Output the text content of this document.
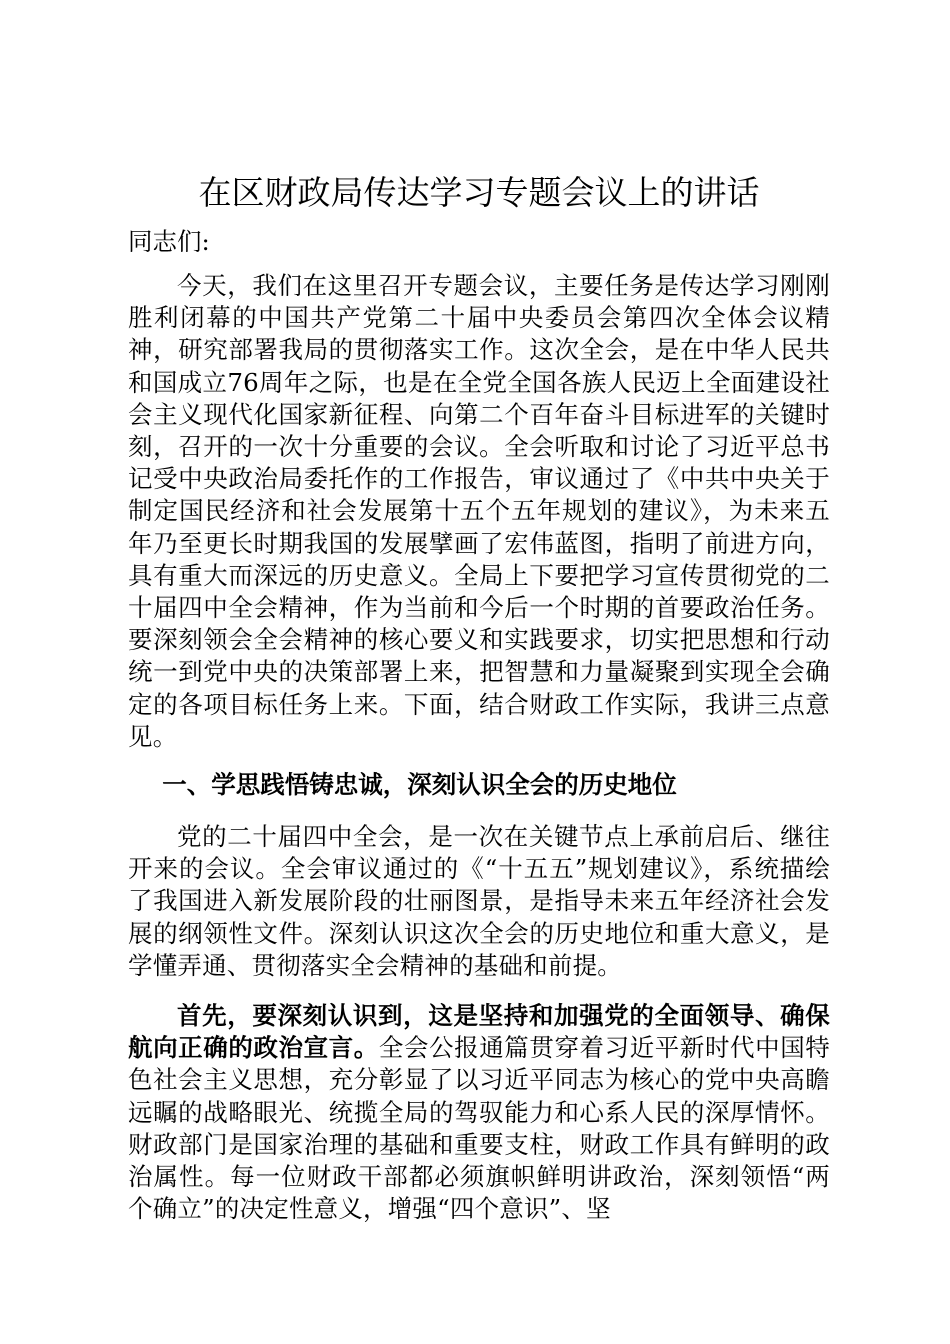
在区财政局传达学习专题会议上的讲话

同志们:

今天，我们在这里召开专题会议，主要任务是传达学习刚刚胜利闭幕的中国共产党第二十届中央委员会第四次全体会议精神，研究部署我局的贯彻落实工作。这次全会，是在中华人民共和国成立76周年之际，也是在全党全国各族人民迈上全面建设社会主义现代化国家新征程、向第二个百年奋斗目标进军的关键时刻，召开的一次十分重要的会议。全会听取和讨论了习近平总书记受中央政治局委托作的工作报告，审议通过了《中共中央关于制定国民经济和社会发展第十五个五年规划的建议》，为未来五年乃至更长时期我国的发展擘画了宏伟蓝图，指明了前进方向，具有重大而深远的历史意义。全局上下要把学习宣传贯彻党的二十届四中全会精神，作为当前和今后一个时期的首要政治任务。要深刻领会全会精神的核心要义和实践要求，切实把思想和行动统一到党中央的决策部署上来，把智慧和力量凝聚到实现全会确定的各项目标任务上来。下面，结合财政工作实际，我讲三点意见。

一、学思践悟铸忠诚，深刻认识全会的历史地位

党的二十届四中全会，是一次在关键节点上承前启后、继往开来的会议。全会审议通过的《“十五五”规划建议》，系统描绘了我国进入新发展阶段的壮丽图景，是指导未来五年经济社会发展的纲领性文件。深刻认识这次全会的历史地位和重大意义，是学懂弄通、贯彻落实全会精神的基础和前提。

首先，要深刻认识到，这是坚持和加强党的全面领导、确保航向正确的政治宣言。全会公报通篇贯穿着习近平新时代中国特色社会主义思想，充分彰显了以习近平同志为核心的党中央高瞻远瞩的战略眼光、统揽全局的驾驭能力和心系人民的深厚情怀。财政部门是国家治理的基础和重要支柱，财政工作具有鲜明的政治属性。每一位财政干部都必须旗帜鲜明讲政治，深刻领悟“两个确立”的决定性意义，增强“四个意识”、坚
